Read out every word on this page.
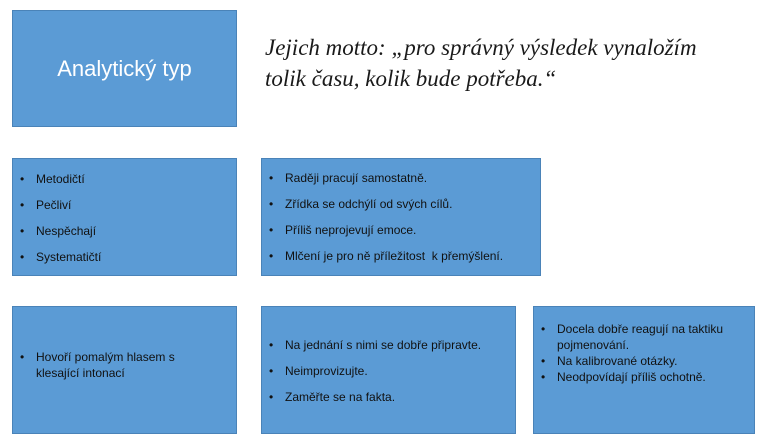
Analytický typ
Jejich motto: „pro správný výsledek vynaložím tolik času, kolik bude potřeba.“
• Metodičtí
• Pečliví
• Nespěchají
• Systematičtí
• Raději pracují samostatně.
• Zřídka se odchýlí od svých cílů.
• Příliš neprojevují emoce.
• Mlčení je pro ně příležitost  k přemýšlení.
• Hovoří pomalým hlasem s klesající intonací
• Na jednání s nimi se dobře připravte.
• Neimprovizujte.
• Zaměřte se na fakta.
• Docela dobře reagují na taktiku pojmenování.
• Na kalibrované otázky.
• Neodpovídají příliš ochotně.
